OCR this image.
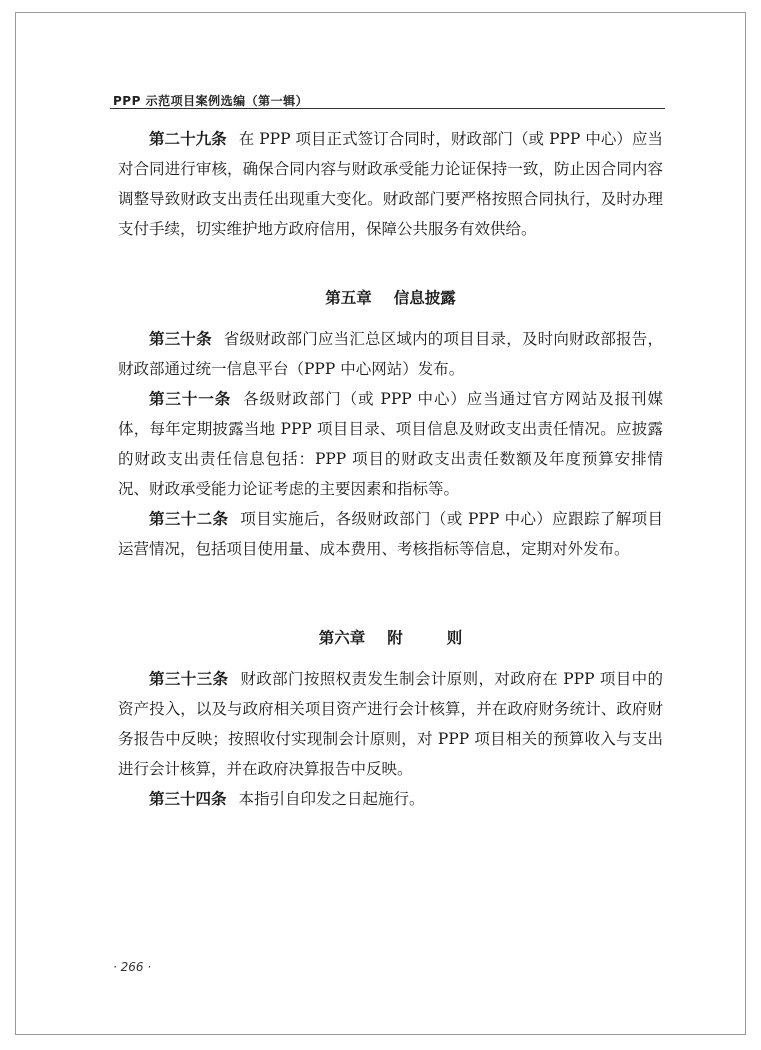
PPP 示范项目案例选编（第一辑）

第二十九条 在 PPP 项目正式签订合同时，财政部门（或 PPP 中心）应当对合同进行审核，确保合同内容与财政承受能力论证保持一致，防止因合同内容调整导致财政支出责任出现重大变化。财政部门要严格按照合同执行，及时办理支付手续，切实维护地方政府信用，保障公共服务有效供给。

第五章 信息披露

第三十条 省级财政部门应当汇总区域内的项目目录，及时向财政部报告，财政部通过统一信息平台（PPP 中心网站）发布。

第三十一条 各级财政部门（或 PPP 中心）应当通过官方网站及报刊媒体，每年定期披露当地 PPP 项目目录、项目信息及财政支出责任情况。应披露的财政支出责任信息包括：PPP 项目的财政支出责任数额及年度预算安排情况、财政承受能力论证考虑的主要因素和指标等。

第三十二条 项目实施后，各级财政部门（或 PPP 中心）应跟踪了解项目运营情况，包括项目使用量、成本费用、考核指标等信息，定期对外发布。

第六章 附	则

第三十三条 财政部门按照权责发生制会计原则，对政府在 PPP 项目中的资产投入，以及与政府相关项目资产进行会计核算，并在政府财务统计、政府财务报告中反映；按照收付实现制会计原则，对 PPP 项目相关的预算收入与支出进行会计核算，并在政府决算报告中反映。

第三十四条 本指引自印发之日起施行。

· 266 ·
